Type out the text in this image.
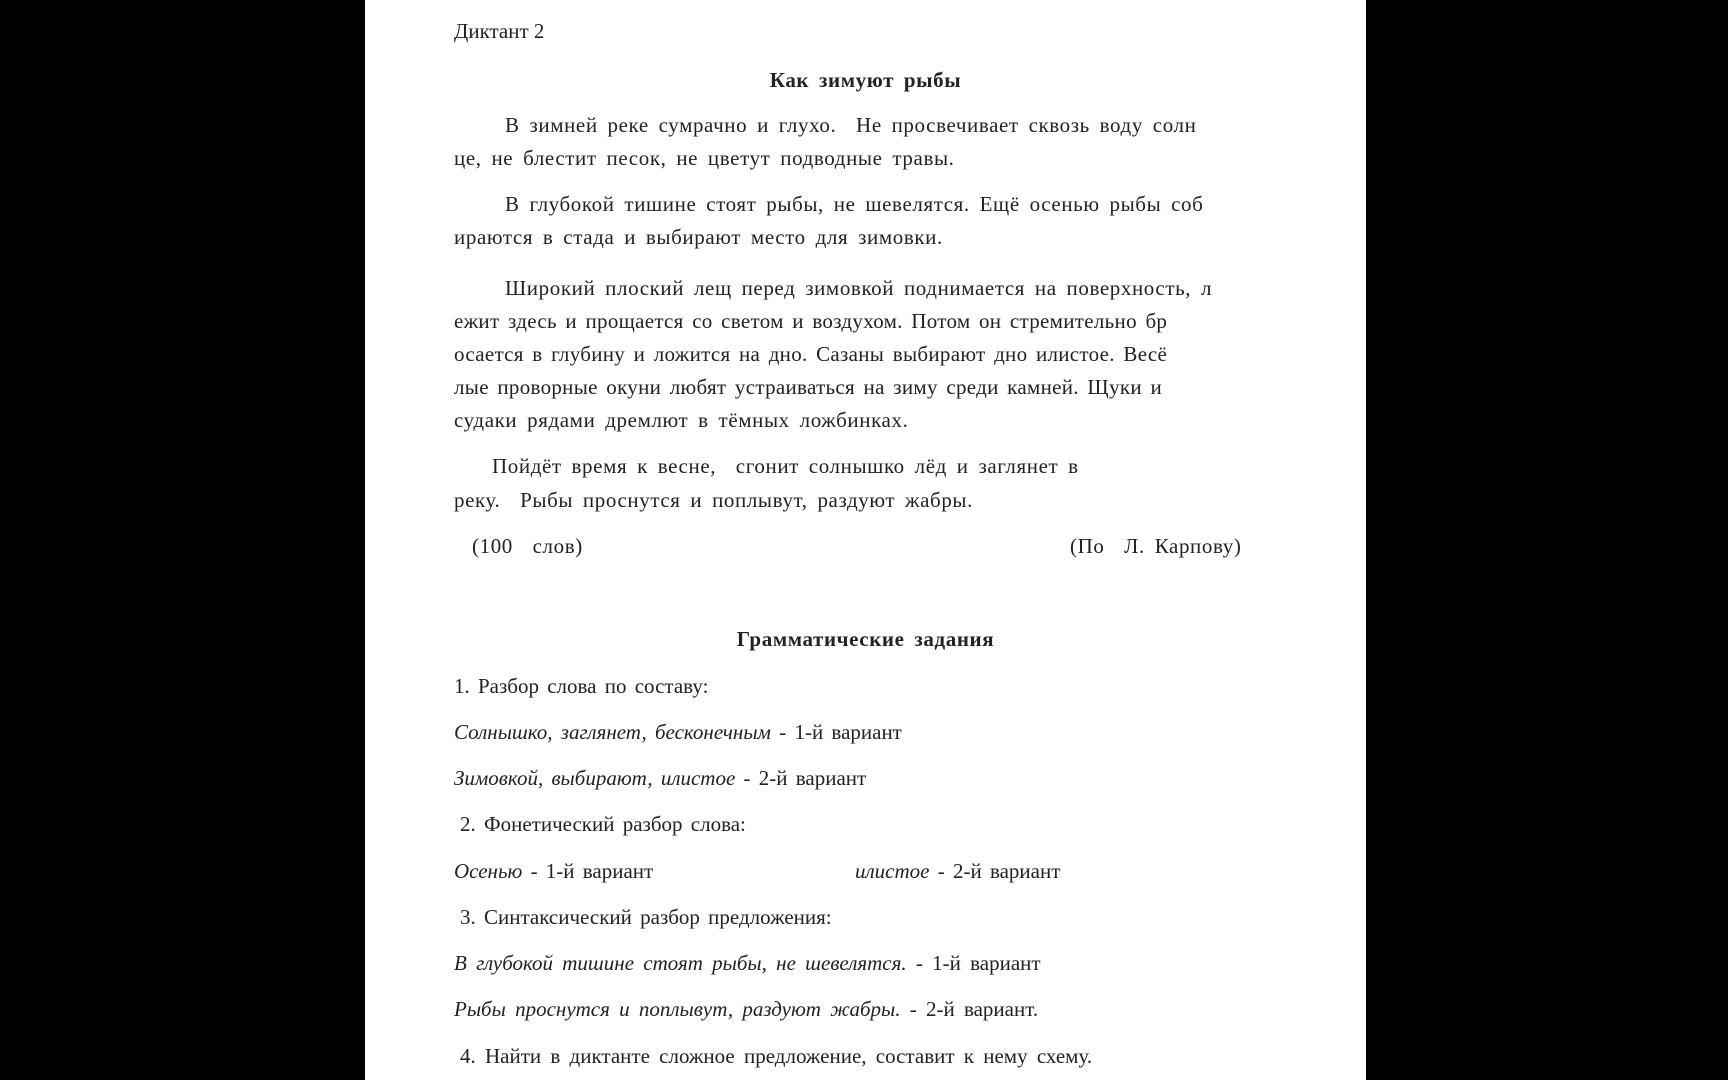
Диктант 2
Как зимуют рыбы
В зимней реке сумрачно и глухо.  Не просвечивает сквозь воду солн
це, не блестит песок, не цветут подводные травы.
В глубокой тишине стоят рыбы, не шевелятся. Ещё осенью рыбы соб
ираются в стада и выбирают место для зимовки.
Широкий плоский лещ перед зимовкой поднимается на поверхность, л
ежит здесь и прощается со светом и воздухом. Потом он стремительно бр
осается в глубину и ложится на дно. Сазаны выбирают дно илистое. Весё
лые проворные окуни любят устраиваться на зиму среди камней. Щуки и
судаки рядами дремлют в тёмных ложбинках.
Пойдёт время к весне,  сгонит солнышко лёд и заглянет в
реку.  Рыбы проснутся и поплывут, раздуют жабры.
(100  слов)	(По  Л. Карпову)
Грамматические задания
1. Разбор слова по составу:
Солнышко, заглянет, бесконечным - 1-й вариант
Зимовкой, выбирают, илистое - 2-й вариант
2. Фонетический разбор слова:
Осенью - 1-й вариант	илистое - 2-й вариант
3. Синтаксический разбор предложения:
В глубокой тишине стоят рыбы, не шевелятся. - 1-й вариант
Рыбы проснутся и поплывут, раздуют жабры. - 2-й вариант.
4. Найти в диктанте сложное предложение, составит к нему схему.
